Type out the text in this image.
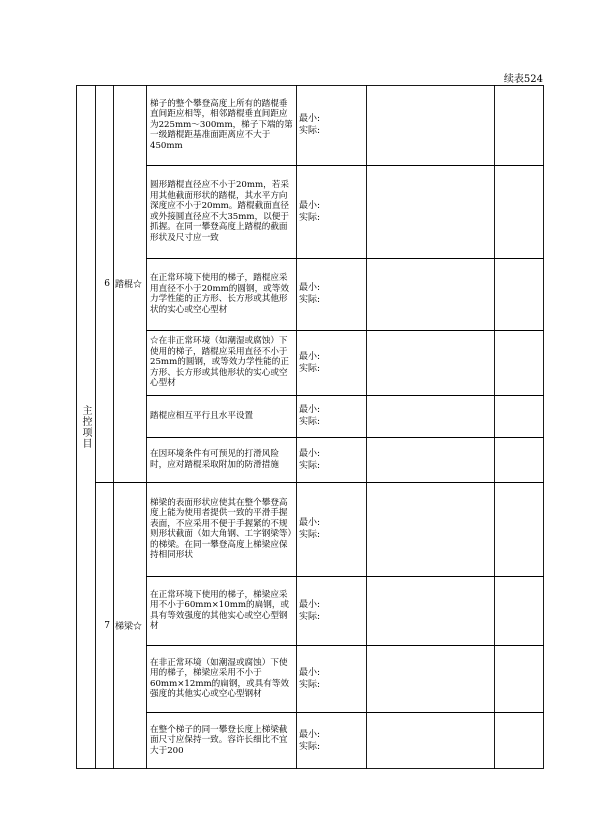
续表524
主控项目
6 踏棍☆
7 梯梁☆
梯子的整个攀登高度上所有的踏棍垂直间距应相等，相邻踏棍垂直间距应为225mm～300mm，梯子下端的第一级踏棍距基准面距离应不大于450mm
最小:
实际:
圆形踏棍直径应不小于20mm，若采用其他截面形状的踏棍，其水平方向深度应不小于20mm。踏棍截面直径或外接圆直径应不大35mm，以便于抓握。在同一攀登高度上踏棍的截面形状及尺寸应一致
最小:
实际:
在正常环境下使用的梯子，踏棍应采用直径不小于20mm的圆钢，或等效力学性能的正方形、长方形或其他形状的实心或空心型材
最小:
实际:
☆在非正常环境（如潮湿或腐蚀）下使用的梯子，踏棍应采用直径不小于25mm的圆钢，或等效力学性能的正方形、长方形或其他形状的实心或空心型材
最小:
实际:
踏棍应相互平行且水平设置
最小:
实际:
在因环境条件有可预见的打滑风险时，应对踏棍采取附加的防滑措施
最小:
实际:
梯梁的表面形状应使其在整个攀登高度上能为使用者提供一致的平滑手握表面，不应采用不便于手握紧的不规则形状截面（如大角钢、工字钢梁等）的梯梁。在同一攀登高度上梯梁应保持相同形状
最小:
实际:
在正常环境下使用的梯子，梯梁应采用不小于60mm×10mm的扁钢，或具有等效强度的其他实心或空心型钢材
最小:
实际:
在非正常环境（如潮湿或腐蚀）下使用的梯子，梯梁应采用不小于60mm×12mm的扁钢，或具有等效强度的其他实心或空心型钢材
最小:
实际:
在整个梯子的同一攀登长度上梯梁截面尺寸应保持一致。容许长细比不宜大于200
最小:
实际:
